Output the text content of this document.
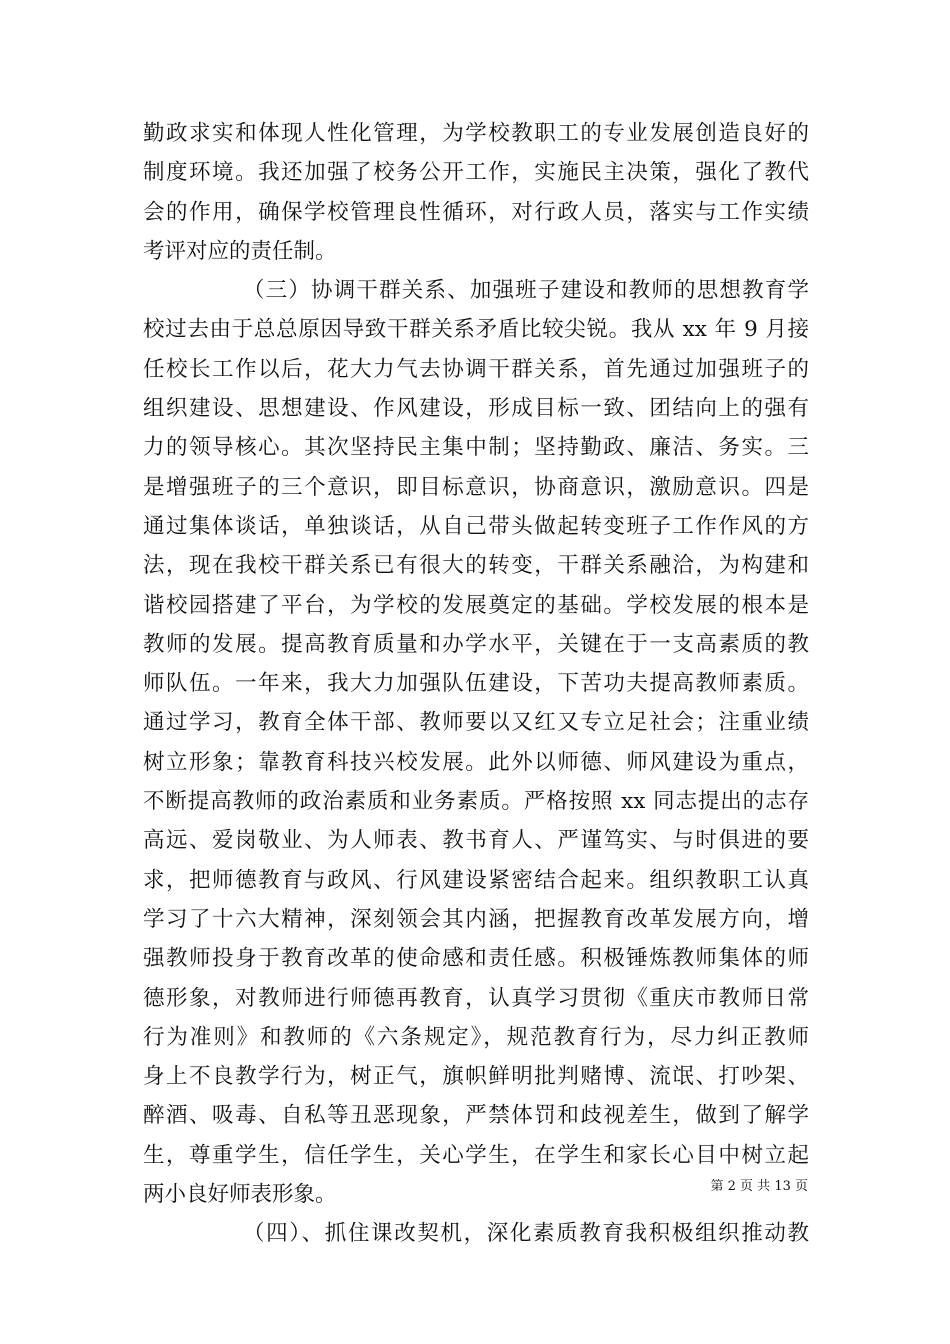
勤政求实和体现人性化管理，为学校教职工的专业发展创造良好的
制度环境。我还加强了校务公开工作，实施民主决策，强化了教代
会的作用，确保学校管理良性循环，对行政人员，落实与工作实绩
考评对应的责任制。
（三）协调干群关系、加强班子建设和教师的思想教育学
校过去由于总总原因导致干群关系矛盾比较尖锐。我从 xx 年 9 月接
任校长工作以后，花大力气去协调干群关系，首先通过加强班子的
组织建设、思想建设、作风建设，形成目标一致、团结向上的强有
力的领导核心。其次坚持民主集中制；坚持勤政、廉洁、务实。三
是增强班子的三个意识，即目标意识，协商意识，激励意识。四是
通过集体谈话，单独谈话，从自己带头做起转变班子工作作风的方
法，现在我校干群关系已有很大的转变，干群关系融洽，为构建和
谐校园搭建了平台，为学校的发展奠定的基础。学校发展的根本是
教师的发展。提高教育质量和办学水平，关键在于一支高素质的教
师队伍。一年来，我大力加强队伍建设，下苦功夫提高教师素质。
通过学习，教育全体干部、教师要以又红又专立足社会；注重业绩
树立形象；靠教育科技兴校发展。此外以师德、师风建设为重点，
不断提高教师的政治素质和业务素质。严格按照 xx 同志提出的志存
高远、爱岗敬业、为人师表、教书育人、严谨笃实、与时俱进的要
求，把师德教育与政风、行风建设紧密结合起来。组织教职工认真
学习了十六大精神，深刻领会其内涵，把握教育改革发展方向，增
强教师投身于教育改革的使命感和责任感。积极锤炼教师集体的师
德形象，对教师进行师德再教育，认真学习贯彻《重庆市教师日常
行为准则》和教师的《六条规定》，规范教育行为，尽力纠正教师
身上不良教学行为，树正气，旗帜鲜明批判赌博、流氓、打吵架、
醉酒、吸毒、自私等丑恶现象，严禁体罚和歧视差生，做到了解学
生，尊重学生，信任学生，关心学生，在学生和家长心目中树立起
两小良好师表形象。
（四）、抓住课改契机，深化素质教育我积极组织推动教
第 2 页 共 13 页
